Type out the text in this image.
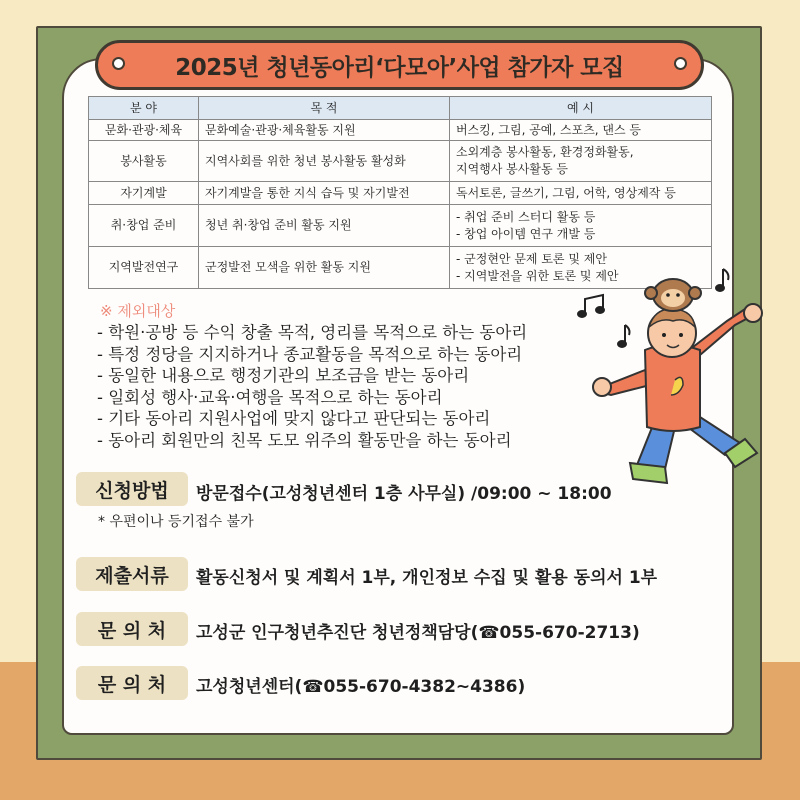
2025년 청년동아리‘다모아’사업 참가자 모집
분 야	목 적	예 시
문화·관광·체육	문화예술·관광·체육활동 지원	버스킹, 그림, 공예, 스포츠, 댄스 등

봉사활동	지역사회를 위한 청년 봉사활동 활성화	소외계층 봉사활동, 환경정화활동,
지역행사 봉사활동 등

자기계발	자기계발을 통한 지식 습득 및 자기발전	독서토론, 글쓰기, 그림, 어학, 영상제작 등

취·창업 준비	청년 취·창업 준비 활동 지원	- 취업 준비 스터디 활동 등
- 창업 아이템 연구 개발 등

지역발전연구	군정발전 모색을 위한 활동 지원	- 군정현안 문제 토론 및 제안
- 지역발전을 위한 토론 및 제안
※ 제외대상
- 학원·공방 등 수익 창출 목적, 영리를 목적으로 하는 동아리
- 특정 정당을 지지하거나 종교활동을 목적으로 하는 동아리
- 동일한 내용으로 행정기관의 보조금을 받는 동아리
- 일회성 행사·교육·여행을 목적으로 하는 동아리
- 기타 동아리 지원사업에 맞지 않다고 판단되는 동아리
- 동아리 회원만의 친목 도모 위주의 활동만을 하는 동아리
신청방법	방문접수(고성청년센터 1층 사무실) /09:00 ~ 18:00
* 우편이나 등기접수 불가
제출서류	활동신청서 및 계획서 1부, 개인정보 수집 및 활용 동의서 1부
문 의 처	고성군 인구청년추진단 청년정책담당(☎055-670-2713)
문 의 처	고성청년센터(☎055-670-4382~4386)
